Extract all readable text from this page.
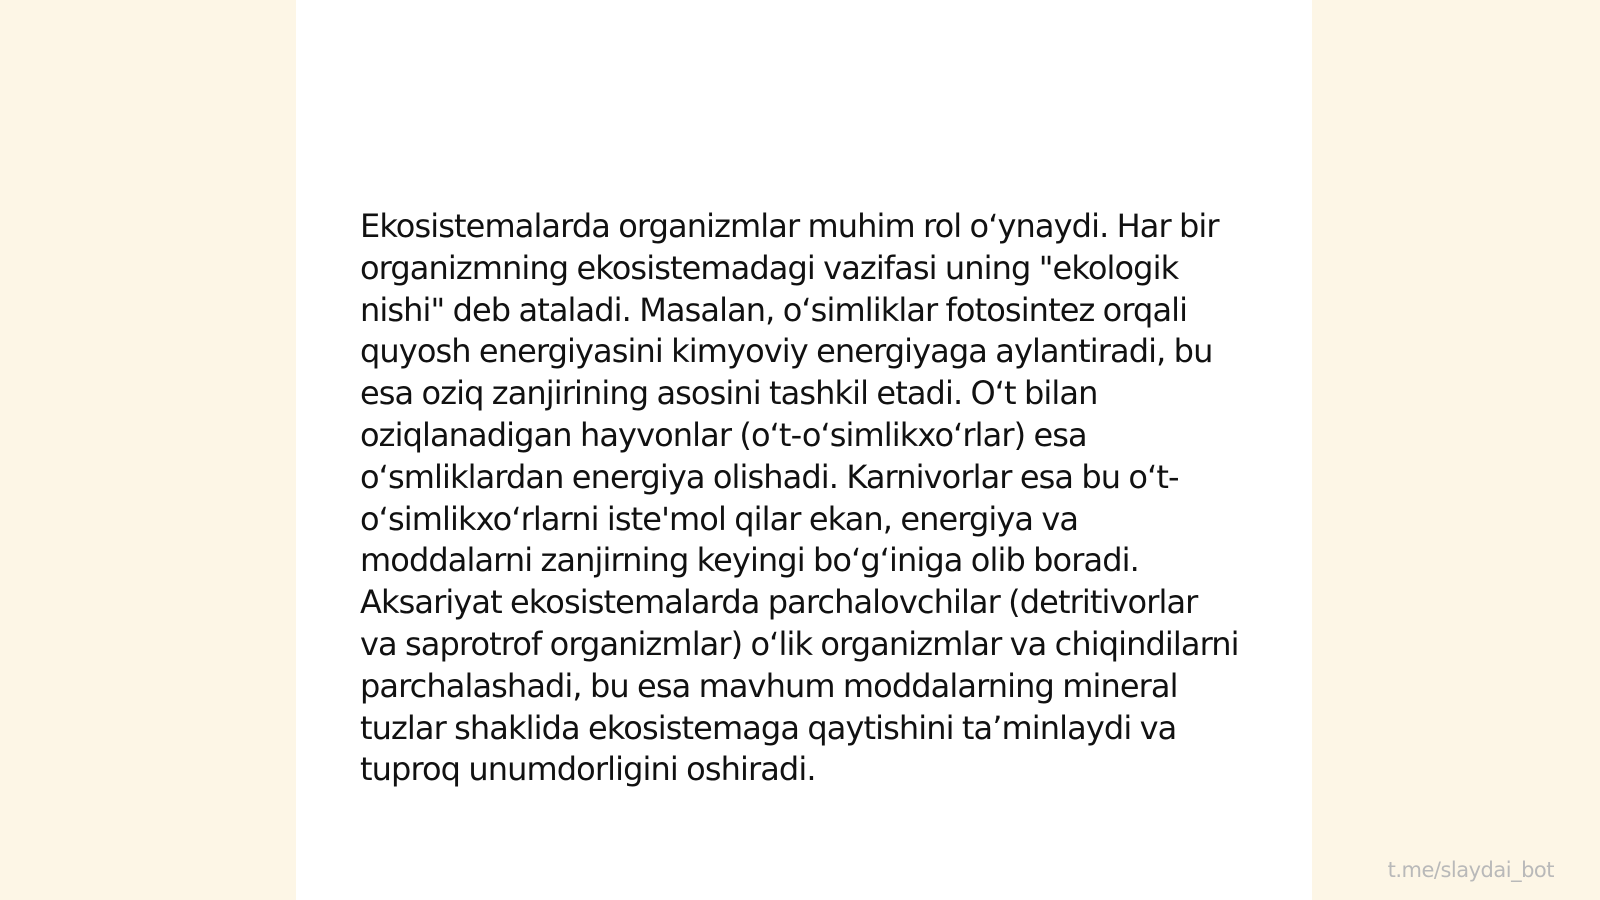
Ekosistemalarda organizmlar muhim rol oʻynaydi. Har bir organizmning ekosistemadagi vazifasi uning "ekologik nishi" deb ataladi. Masalan, oʻsimliklar fotosintez orqali quyosh energiyasini kimyoviy energiyaga aylantiradi, bu esa oziq zanjirining asosini tashkil etadi. Oʻt bilan oziqlanadigan hayvonlar (oʻt-oʻsimlikxoʻrlar) esa oʻsmliklardan energiya olishadi. Karnivorlar esa bu oʻt-oʻsimlikxoʻrlarni iste'mol qilar ekan, energiya va moddalarni zanjirning keyingi boʻgʻiniga olib boradi. Aksariyat ekosistemalarda parchalovchilar (detritivorlar va saprotrof organizmlar) oʻlik organizmlar va chiqindilarni parchalashadi, bu esa mavhum moddalarning mineral tuzlar shaklida ekosistemaga qaytishini taʼminlaydi va tuproq unumdorligini oshiradi.

t.me/slaydai_bot
